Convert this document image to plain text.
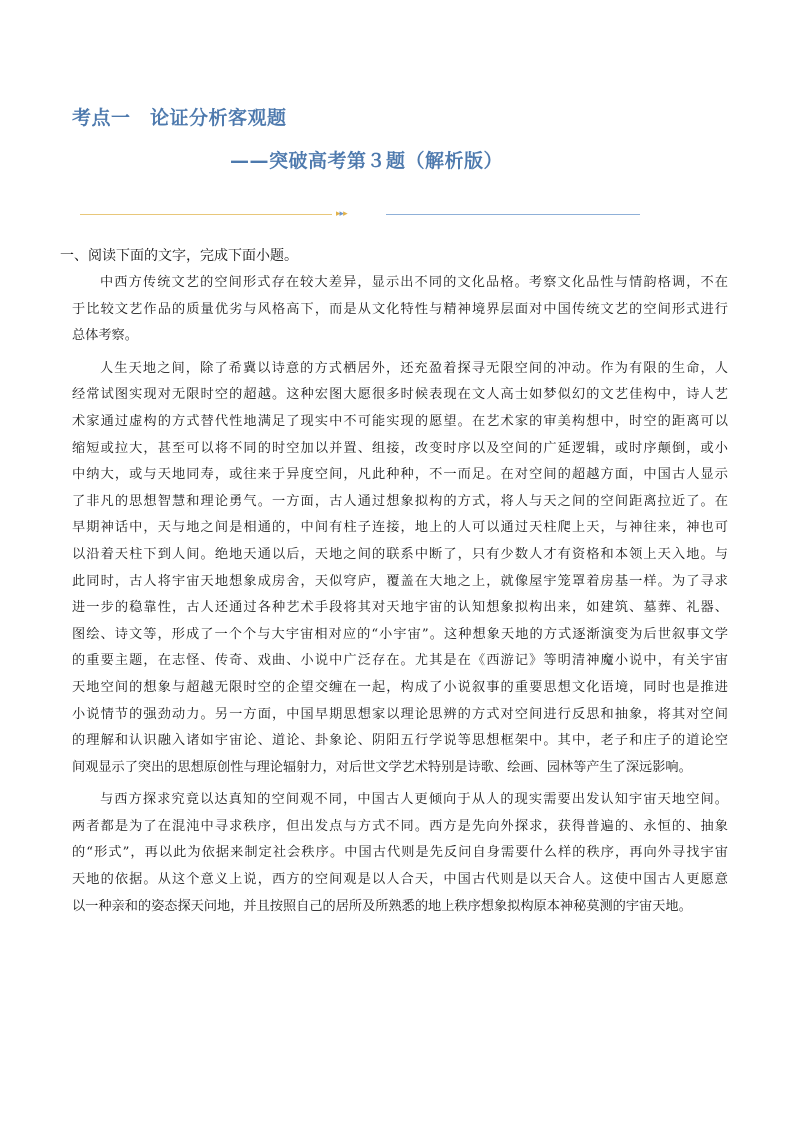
考点一　论证分析客观题
——突破高考第３题（解析版）
▸▸▸
一、阅读下面的文字，完成下面小题。

中西方传统文艺的空间形式存在较大差异，显示出不同的文化品格。考察文化品性与情韵格调，不在
于比较文艺作品的质量优劣与风格高下，而是从文化特性与精神境界层面对中国传统文艺的空间形式进行
总体考察。

人生天地之间，除了希冀以诗意的方式栖居外，还充盈着探寻无限空间的冲动。作为有限的生命，人
经常试图实现对无限时空的超越。这种宏图大愿很多时候表现在文人高士如梦似幻的文艺佳构中，诗人艺
术家通过虚构的方式替代性地满足了现实中不可能实现的愿望。在艺术家的审美构想中，时空的距离可以
缩短或拉大，甚至可以将不同的时空加以并置、组接，改变时序以及空间的广延逻辑，或时序颠倒，或小
中纳大，或与天地同寿，或往来于异度空间，凡此种种，不一而足。在对空间的超越方面，中国古人显示
了非凡的思想智慧和理论勇气。一方面，古人通过想象拟构的方式，将人与天之间的空间距离拉近了。在
早期神话中，天与地之间是相通的，中间有柱子连接，地上的人可以通过天柱爬上天，与神往来，神也可
以沿着天柱下到人间。绝地天通以后，天地之间的联系中断了，只有少数人才有资格和本领上天入地。与
此同时，古人将宇宙天地想象成房舍，天似穹庐，覆盖在大地之上，就像屋宇笼罩着房基一样。为了寻求
进一步的稳靠性，古人还通过各种艺术手段将其对天地宇宙的认知想象拟构出来，如建筑、墓葬、礼器、
图绘、诗文等，形成了一个个与大宇宙相对应的“小宇宙”。这种想象天地的方式逐渐演变为后世叙事文学
的重要主题，在志怪、传奇、戏曲、小说中广泛存在。尤其是在《西游记》等明清神魔小说中，有关宇宙
天地空间的想象与超越无限时空的企望交缠在一起，构成了小说叙事的重要思想文化语境，同时也是推进
小说情节的强劲动力。另一方面，中国早期思想家以理论思辨的方式对空间进行反思和抽象，将其对空间
的理解和认识融入诸如宇宙论、道论、卦象论、阴阳五行学说等思想框架中。其中，老子和庄子的道论空
间观显示了突出的思想原创性与理论辐射力，对后世文学艺术特别是诗歌、绘画、园林等产生了深远影响。

与西方探求究竟以达真知的空间观不同，中国古人更倾向于从人的现实需要出发认知宇宙天地空间。
两者都是为了在混沌中寻求秩序，但出发点与方式不同。西方是先向外探求，获得普遍的、永恒的、抽象
的“形式”，再以此为依据来制定社会秩序。中国古代则是先反问自身需要什么样的秩序，再向外寻找宇宙
天地的依据。从这个意义上说，西方的空间观是以人合天，中国古代则是以天合人。这使中国古人更愿意
以一种亲和的姿态探天问地，并且按照自己的居所及所熟悉的地上秩序想象拟构原本神秘莫测的宇宙天地。
